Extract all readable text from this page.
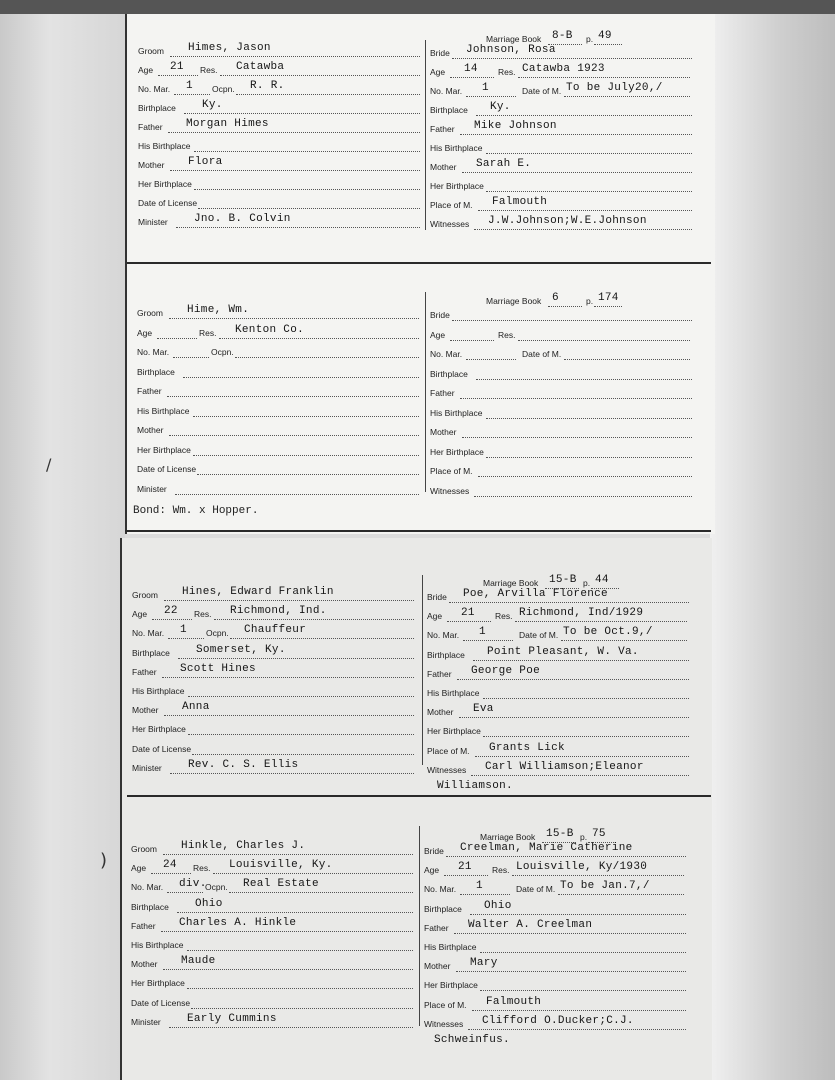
/
)
Groom Himes, Jason
Age 21 Res. Catawba
No. Mar. 1 Ocpn. R. R.
Birthplace Ky.
Father Morgan Himes
His Birthplace
Mother Flora
Her Birthplace
Date of License
Minister Jno. B. Colvin
Marriage Book 8-B p. 49
Bride Johnson, Rosa
Age 14 Res. Catawba 1923
No. Mar. 1	Date of M. To be July20,/
Birthplace Ky.
Father Mike Johnson
His Birthplace
Mother Sarah E.
Her Birthplace
Place of M. Falmouth
Witnesses J.W.Johnson;W.E.Johnson
Groom Hime, Wm.
Age	Res. Kenton Co.
No. Mar.	Ocpn.
Birthplace
Father
His Birthplace
Mother
Her Birthplace
Date of License
Minister
Marriage Book 6	p. 174
Bride
Age	Res.
No. Mar.	Date of M.
Birthplace
Father
His Birthplace
Mother
Her Birthplace
Place of M.
Witnesses
Bond: Wm. x Hopper.
Groom Hines, Edward Franklin
Age 22 Res. Richmond, Ind.
No. Mar. 1 Ocpn. Chauffeur
Birthplace Somerset, Ky.
Father Scott Hines
His Birthplace
Mother Anna
Her Birthplace
Date of License
Minister Rev. C. S. Ellis
Marriage Book 15-B p. 44
Bride Poe, Arvilla Florence
Age 21 Res. Richmond, Ind/1929
No. Mar. 1	Date of M. To be Oct.9,/
Birthplace Point Pleasant, W. Va.
Father George Poe
His Birthplace
Mother Eva
Her Birthplace
Place of M. Grants Lick
Witnesses Carl Williamson;Eleanor
Williamson.
Groom Hinkle, Charles J.
Age 24 Res. Louisville, Ky.
No. Mar. div.
Ocpn. Real Estate
Birthplace Ohio
Father Charles A. Hinkle
His Birthplace
Mother Maude
Her Birthplace
Date of License
Minister Early Cummins
Marriage Book 15-B p. 75
Bride Creelman, Marie Catherine
Age 21 Res. Louisville, Ky/1930
No. Mar. 1	Date of M. To be Jan.7,/
Birthplace Ohio
Father Walter A. Creelman
His Birthplace
Mother Mary
Her Birthplace
Place of M. Falmouth
Witnesses Clifford O.Ducker;C.J.
Schweinfus.
